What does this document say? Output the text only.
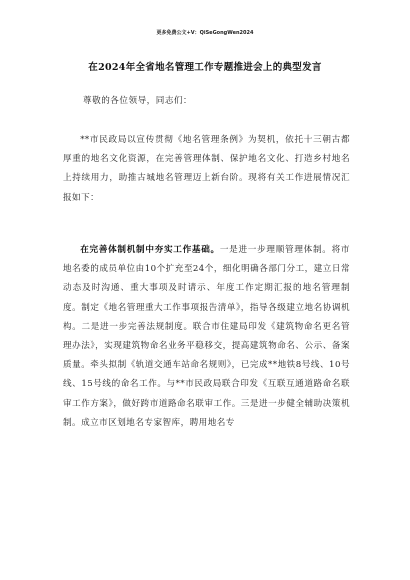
更多免费公文+V：QiSeGongWen2024
在2024年全省地名管理工作专题推进会上的典型发言
尊敬的各位领导，同志们：

**市民政局以宣传贯彻《地名管理条例》为契机，依托十三朝古都厚重的地名文化资源，在完善管理体制、保护地名文化、打造乡村地名上持续用力，助推古城地名管理迈上新台阶。现将有关工作进展情况汇报如下：

在完善体制机制中夯实工作基础。一是进一步理顺管理体制。将市地名委的成员单位由10个扩充至24个，细化明确各部门分工，建立日常动态及时沟通、重大事项及时请示、年度工作定期汇报的地名管理制度。制定《地名管理重大工作事项报告清单》，指导各级建立地名协调机构。二是进一步完善法规制度。联合市住建局印发《建筑物命名更名管理办法》，实现建筑物命名业务平稳移交，提高建筑物命名、公示、备案质量。牵头拟制《轨道交通车站命名规则》，已完成**地铁8号线、10号线、15号线的命名工作。与**市民政局联合印发《互联互通道路命名联审工作方案》，做好跨市道路命名联审工作。三是进一步健全辅助决策机制。成立市区划地名专家智库，聘用地名专
